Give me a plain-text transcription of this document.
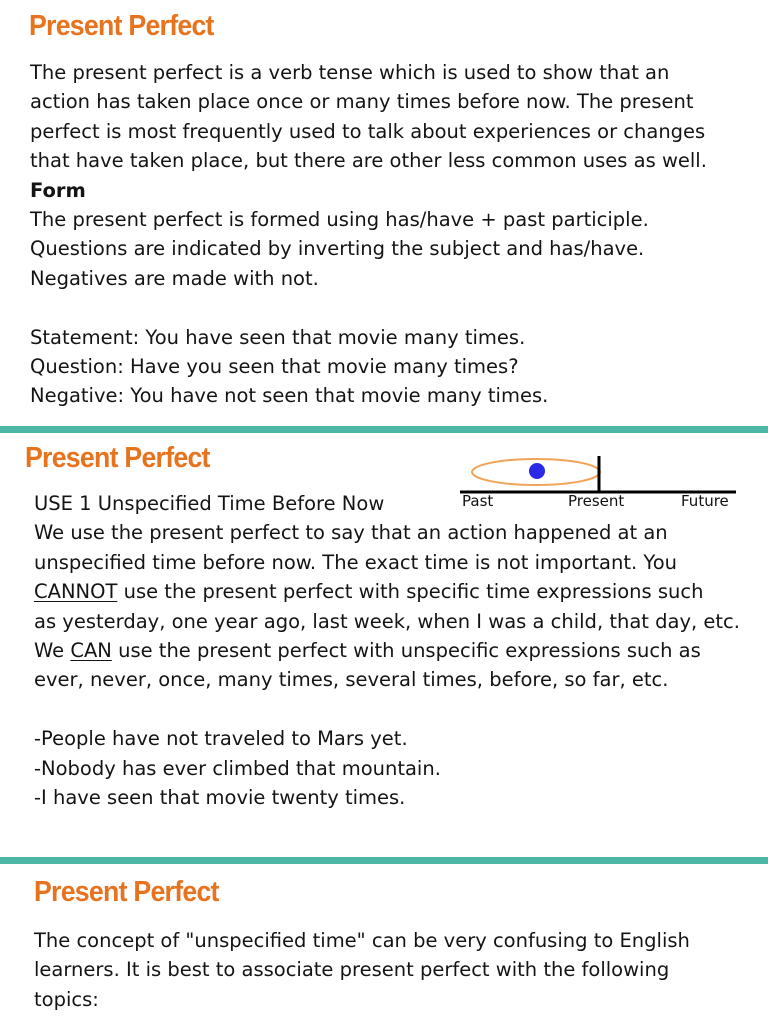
Present Perfect
The present perfect is a verb tense which is used to show that an
action has taken place once or many times before now. The present
perfect is most frequently used to talk about experiences or changes
that have taken place, but there are other less common uses as well.
Form
The present perfect is formed using has/have + past participle.
Questions are indicated by inverting the subject and has/have.
Negatives are made with not.
Statement: You have seen that movie many times.
Question: Have you seen that movie many times?
Negative: You have not seen that movie many times.
Present Perfect
Past	Present	Future
USE 1 Unspecified Time Before Now
We use the present perfect to say that an action happened at an
unspecified time before now. The exact time is not important. You
CANNOT use the present perfect with specific time expressions such
as yesterday, one year ago, last week, when I was a child, that day, etc.
We CAN use the present perfect with unspecific expressions such as
ever, never, once, many times, several times, before, so far, etc.
-People have not traveled to Mars yet.
-Nobody has ever climbed that mountain.
-I have seen that movie twenty times.
Present Perfect
The concept of "unspecified time" can be very confusing to English
learners. It is best to associate present perfect with the following
topics:
